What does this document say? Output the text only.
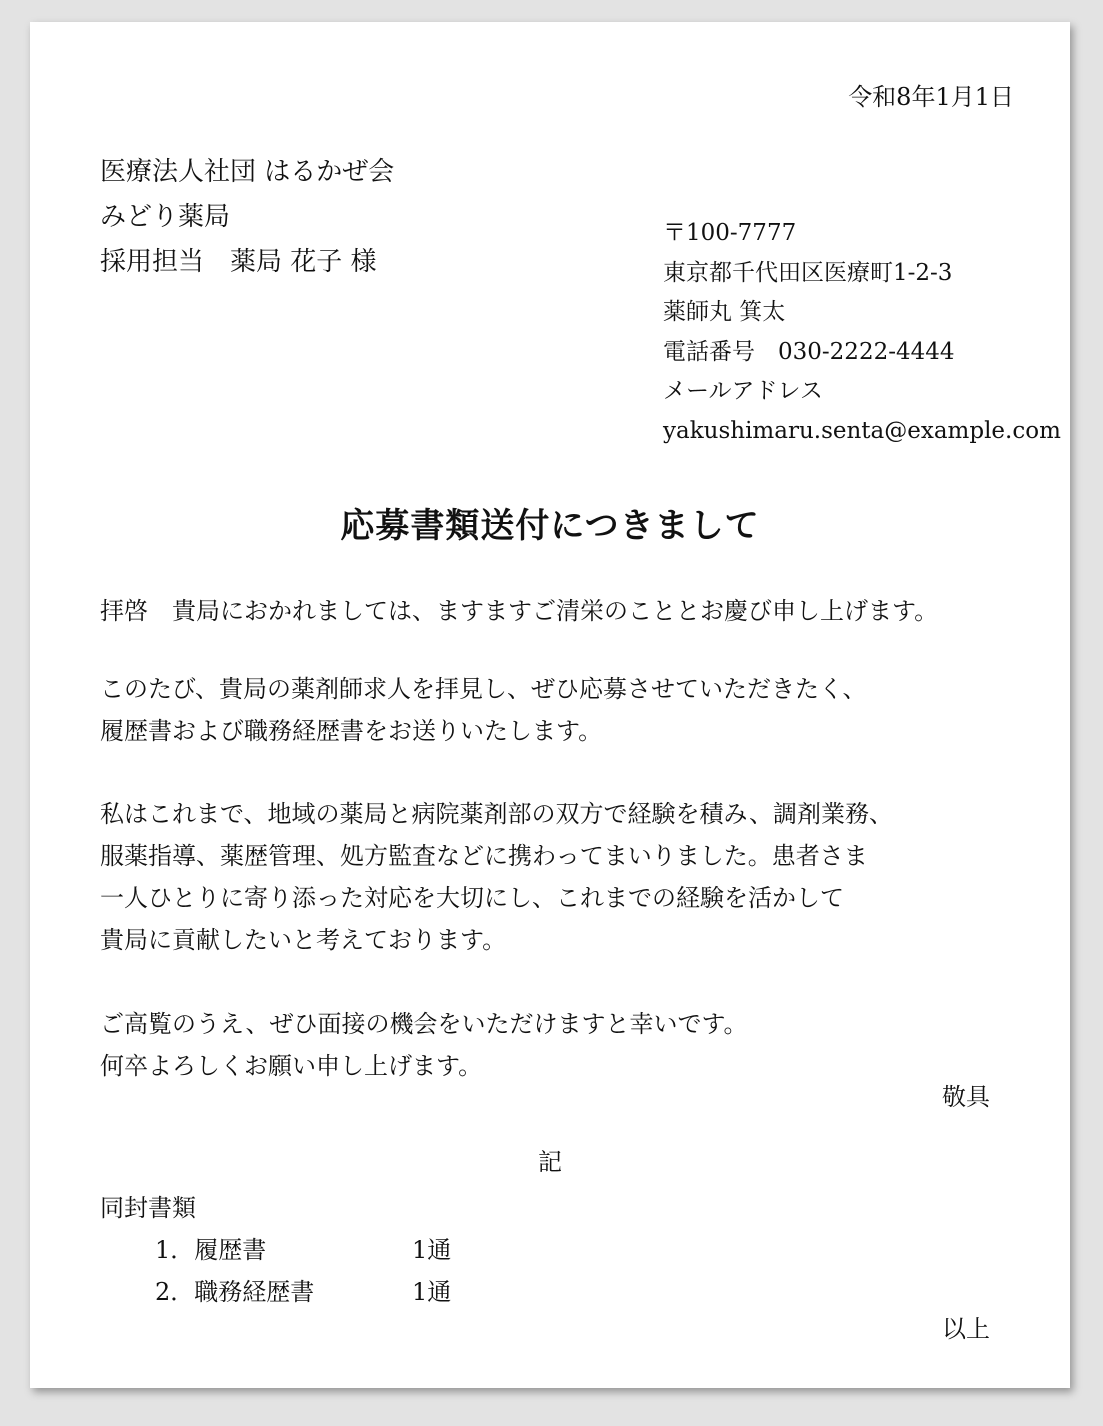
令和8年1月1日
医療法人社団 はるかぜ会
みどり薬局
採用担当　薬局 花子 様
〒100-7777
東京都千代田区医療町1-2-3
薬師丸 箕太
電話番号　030-2222-4444
メールアドレス
yakushimaru.senta@example.com
応募書類送付につきまして
拝啓　貴局におかれましては、ますますご清栄のこととお慶び申し上げます。
このたび、貴局の薬剤師求人を拝見し、ぜひ応募させていただきたく、
履歴書および職務経歴書をお送りいたします。
私はこれまで、地域の薬局と病院薬剤部の双方で経験を積み、調剤業務、
服薬指導、薬歴管理、処方監査などに携わってまいりました。患者さま
一人ひとりに寄り添った対応を大切にし、これまでの経験を活かして
貴局に貢献したいと考えております。
ご高覧のうえ、ぜひ面接の機会をいただけますと幸いです。
何卒よろしくお願い申し上げます。
敬具
記
同封書類
1．履歴書	1通
2．職務経歴書	1通
以上
